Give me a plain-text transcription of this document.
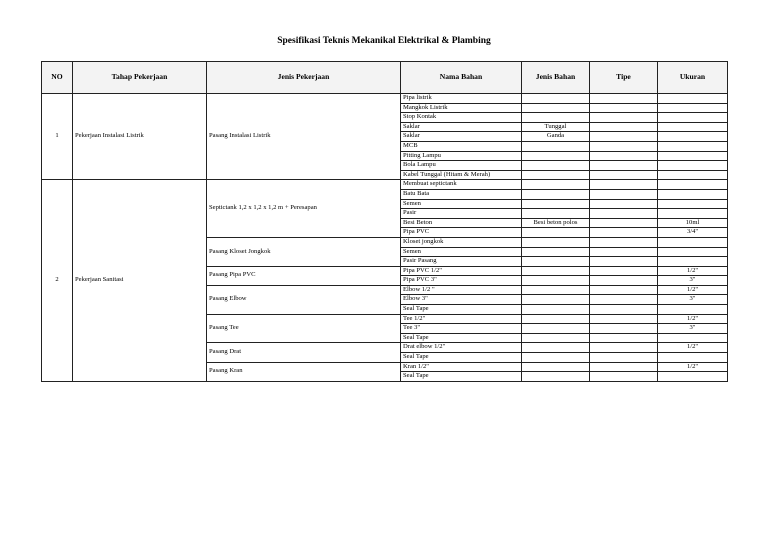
Spesifikasi Teknis Mekanikal Elektrikal & Plambing
NO	Tahap Pekerjaan	Jenis Pekerjaan	Nama Bahan	Jenis Bahan	Tipe	Ukuran
1	Pekerjaan Instalasi Listrik	Pasang Instalasi Listrik	Pipa listrik			
			Mangkok Listrik			
			Stop Kontak			
			Saklar	Tunggal		
			Saklar	Ganda		
			MCB			
			Pitting Lampu			
			Bola Lampu			
			Kabel Tunggal (Hitam & Merah)			
2	Pekerjaan Sanitasi	Septictank 1,2 x 1,2 x 1,2 m + Peresapan	Membuat septictank			
			Batu Bata			
			Semen			
			Pasir			
			Besi Beton	Besi beton polos		10ml
			Pipa PVC			3/4"
		Pasang Kloset Jongkok	Kloset jongkok			
			Semen			
			Pasir Pasang			
		Pasang Pipa PVC	Pipa PVC 1/2"			1/2"
			Pipa PVC 3"			3"
		Pasang Elbow	Elbow 1/2 "			1/2"
			Elbow 3"			3"
			Seal Tape			
		Pasang Tee	Tee 1/2"			1/2"
			Tee 3"			3"
			Seal Tape			
		Pasang Drat	Drat elbow 1/2"			1/2"
			Seal Tape			
		Pasang Kran	Kran 1/2"			1/2"
			Seal Tape			
